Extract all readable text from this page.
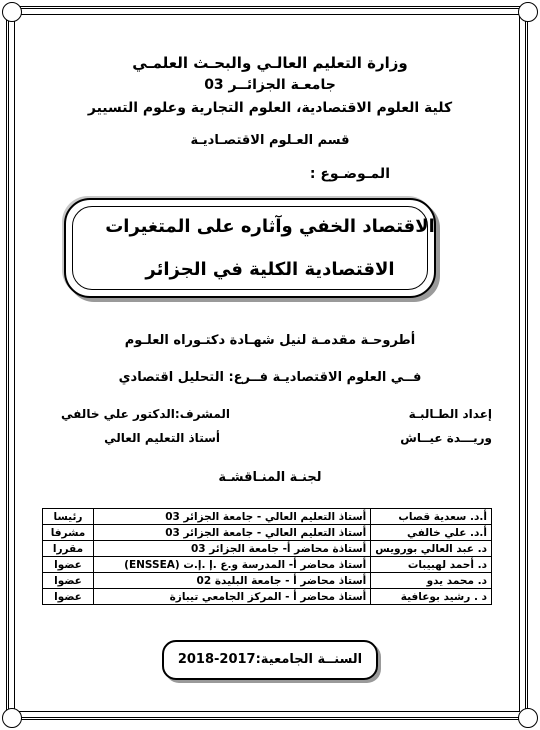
وزارة التعليم العالـي والبحـث العلمـي
جامعـة الجزائــر 03
كلية العلوم الاقتصادية، العلوم التجارية وعلوم التسيير
قسم العـلوم الاقتصـاديـة
المـوضـوع :
الاقتصاد الخفي وآثاره على المتغيرات
الاقتصادية الكلية في الجزائر
أطروحـة مقدمـة لنيل شهـادة دكتـوراه العلـوم
فــي العلوم الاقتصاديـة فــرع: التحليل اقتصادي
إعداد الطـالبـة
وريـــدة عيــاش
المشرف:الدكتور علي خالفي
أستاذ التعليم العالي
لجنـة المنـاقشـة
أ.د. سعدية قصاب	أستاذ التعليم العالي - جامعة الجزائر 03	رئيسا
أ.د. علي خالفي	أستاذ التعليم العالي - جامعة الجزائر 03	مشرفا
د. عبد العالي بورويس	أستاذة محاضر أ- جامعة الجزائر 03	مقررا
د. أحمد لهبيبات	أستاذ محاضر أ- المدرسة و.ع .إ .إ.ت (ENSSEA)	عضوا
د. محمد يدو	أستاذ محاضر أ - جامعة البليدة 02	عضوا
د . رشيد بوعافية	أستاذ محاضر أ - المركز الجامعي تيبازة	عضوا
السنــة الجامعية:2017-2018
